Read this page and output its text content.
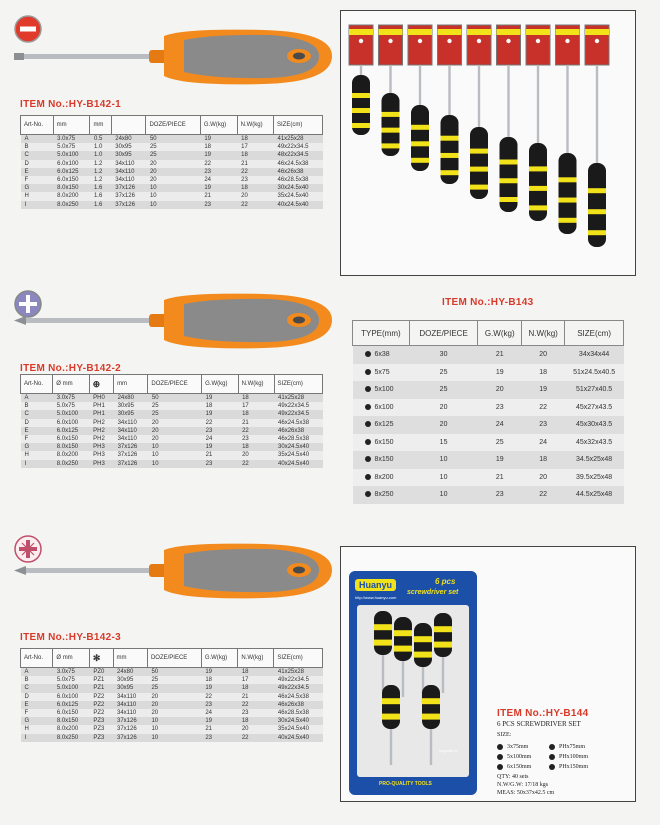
ITEM No.:HY-B142-1
Art-No.	mm	mm		DOZE/PIECE	G.W(kg)	N.W(kg)	SIZE(cm)
A	3.0x75	0.5	24x80	50	19	18	41x25x28
B	5.0x75	1.0	30x95	25	18	17	49x22x34.5
C	5.0x100	1.0	30x95	25	19	18	48x22x34.5
D	6.0x100	1.2	34x110	20	22	21	46x24.5x38
E	6.0x125	1.2	34x110	20	23	22	46x26x38
F	6.0x150	1.2	34x110	20	24	23	46x28.5x38
G	8.0x150	1.6	37x126	10	19	18	30x24.5x40
H	8.0x200	1.6	37x126	10	21	20	35x24.5x40
I	8.0x250	1.6	37x126	10	23	22	40x24.5x40
ITEM No.:HY-B142-2
Art-No.	Ø mm	⊕	mm	DOZE/PIECE	G.W(kg)	N.W(kg)	SIZE(cm)
A	3.0x75	PH0	24x80	50	19	18	41x25x28
B	5.0x75	PH1	30x95	25	18	17	49x22x34.5
C	5.0x100	PH1	30x95	25	19	18	49x22x34.5
D	6.0x100	PH2	34x110	20	22	21	46x24.5x38
E	6.0x125	PH2	34x110	20	23	22	46x26x38
F	6.0x150	PH2	34x110	20	24	23	46x28.5x38
G	8.0x150	PH3	37x126	10	19	18	30x24.5x40
H	8.0x200	PH3	37x126	10	21	20	35x24.5x40
I	8.0x250	PH3	37x126	10	23	22	40x24.5x40
ITEM No.:HY-B142-3
Art-No.	Ø mm	✻	mm	DOZE/PIECE	G.W(kg)	N.W(kg)	SIZE(cm)
A	3.0x75	PZ0	24x80	50	19	18	41x25x28
B	5.0x75	PZ1	30x95	25	18	17	49x22x34.5
C	5.0x100	PZ1	30x95	25	19	18	49x22x34.5
D	6.0x100	PZ2	34x110	20	22	21	46x24.5x38
E	6.0x125	PZ2	34x110	20	23	22	46x26x38
F	6.0x150	PZ2	34x110	20	24	23	46x28.5x38
G	8.0x150	PZ3	37x126	10	19	18	30x24.5x40
H	8.0x200	PZ3	37x126	10	21	20	35x24.5x40
I	8.0x250	PZ3	37x126	10	23	22	40x24.5x40
ITEM No.:HY-B143
TYPE(mm)	DOZE/PIECE	G.W(kg)	N.W(kg)	SIZE(cm)
6x38	30	21	20	34x34x44
5x75	25	19	18	51x24.5x40.5
5x100	25	20	19	51x27x40.5
6x100	20	23	22	45x27x43.5
6x125	20	24	23	45x30x43.5
6x150	15	25	24	45x32x43.5
8x150	10	19	18	34.5x25x48
8x200	10	21	20	39.5x25x48
8x250	10	23	22	44.5x25x48
Huanyu
http://www.huanyu.com
6 pcs
screwdriver set
Magnetic tip
PRO-QUALITY TOOLS
ITEM No.:HY-B144
6 PCS SCREWDRIVER SET
SIZE:
3x75mm	PHx75mm
5x100mm	PHx100mm
6x150mm	PHx150mm
QTY: 40 sets
N.W/G.W: 17/18 kgs
MEAS: 50x37x42.5 cm
